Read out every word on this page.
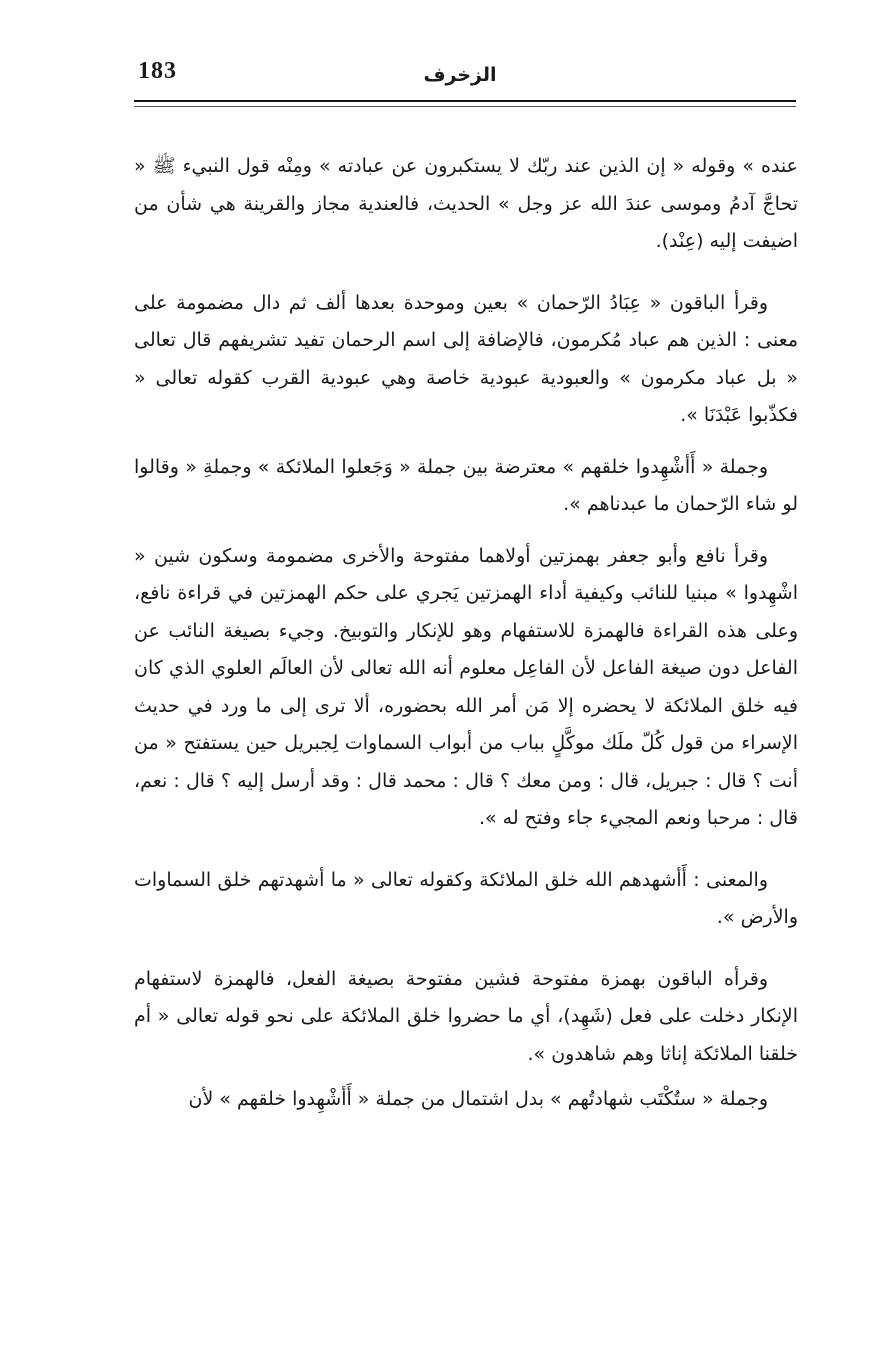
183	الزخرف

عنده » وقوله « إن الذين عند ربّك لا يستكبرون عن عبادته » ومِنْه قول النبيء ﷺ « تحاجَّ آدمُ وموسى عندَ الله عز وجل » الحديث، فالعندية مجاز والقرينة هي شأن من اضيفت إليه (عِنْد).

وقرأ الباقون « عِبَادُ الرّحمان » بعين وموحدة بعدها ألف ثم دال مضمومة على معنى : الذين هم عباد مُكرمون، فالإضافة إلى اسم الرحمان تفيد تشريفهم قال تعالى « بل عباد مكرمون » والعبودية عبودية خاصة وهي عبودية القرب كقوله تعالى « فكذّبوا عَبْدَنَا ».

وجملة « أَأشْهِدوا خلقهم » معترضة بين جملة « وَجَعلوا الملائكة » وجملةِ « وقالوا لو شاء الرّحمان ما عبدناهم ».

وقرأ نافع وأبو جعفر بهمزتين أولاهما مفتوحة والأخرى مضمومة وسكون شين « اشْهِدوا » مبنيا للنائب وكيفية أداء الهمزتين يَجري على حكم الهمزتين في قراءة نافع، وعلى هذه القراءة فالهمزة للاستفهام وهو للإنكار والتوبيخ. وجيء بصيغة النائب عن الفاعل دون صيغة الفاعل لأن الفاعِل معلوم أنه الله تعالى لأن العالَم العلوي الذي كان فيه خلق الملائكة لا يحضره إلا مَن أمر الله بحضوره، ألا ترى إلى ما ورد في حديث الإسراء من قول كُلّ ملَك موكَّلٍ بباب من أبواب السماوات لِجبريل حين يستفتح « من أنت ؟ قال : جبريل، قال : ومن معك ؟ قال : محمد قال : وقد أرسل إليه ؟ قال : نعم، قال : مرحبا ونعم المجيء جاء وفتح له ».

والمعنى : أَأشهدهم الله خلق الملائكة وكقوله تعالى « ما أشهدتهم خلق السماوات والأرض ».

وقرأه الباقون بهمزة مفتوحة فشين مفتوحة بصيغة الفعل، فالهمزة لاستفهام الإنكار دخلت على فعل (شَهِد)، أي ما حضروا خلق الملائكة على نحو قوله تعالى « أم خلقنا الملائكة إناثا وهم شاهدون ».

وجملة « ستُكْتَب شهادتُهم » بدل اشتمال من جملة « أَأشْهِدوا خلقهم » لأن
